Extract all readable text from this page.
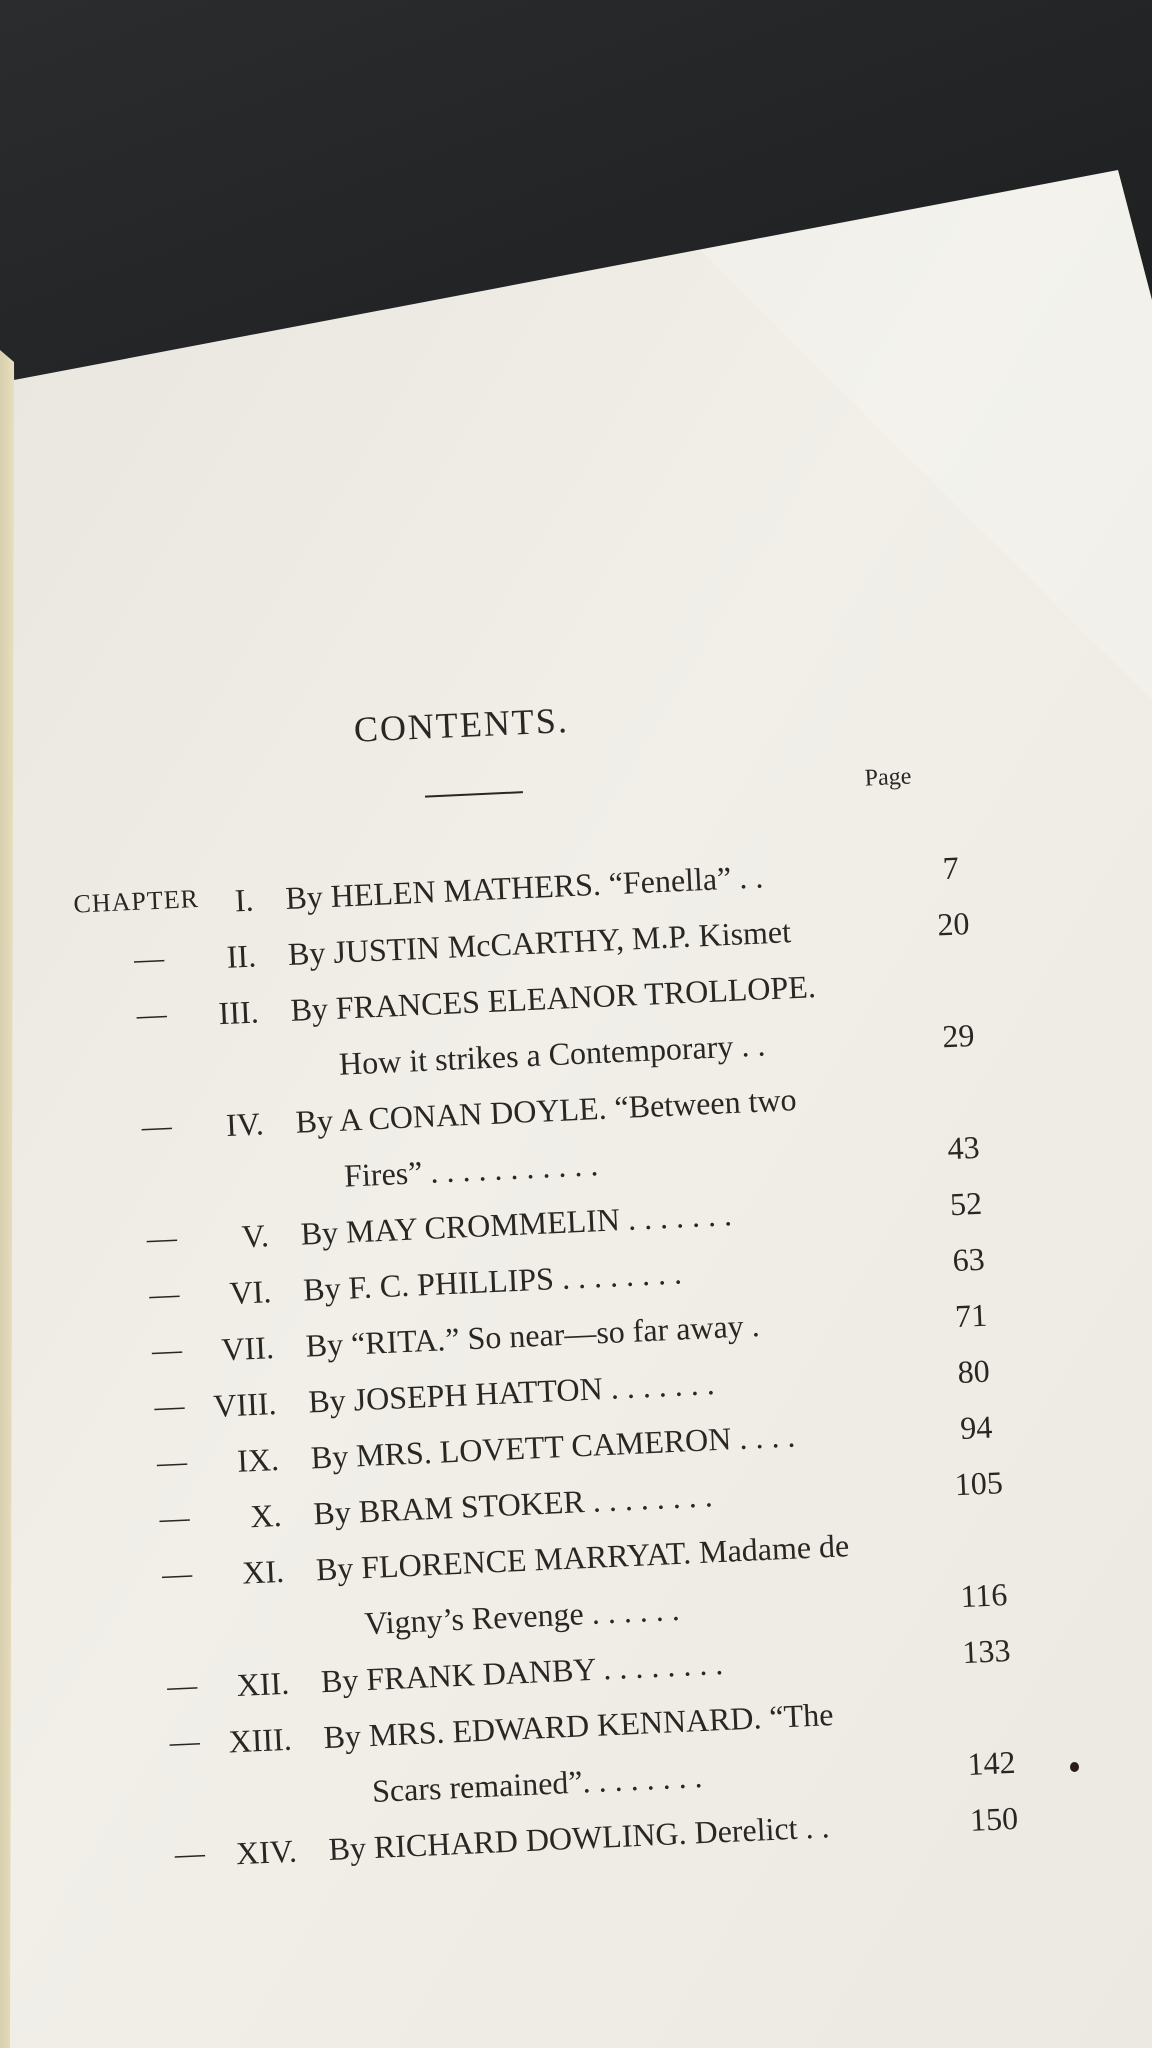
CONTENTS.
Page
CHAPTER I. By HELEN MATHERS. “Fenella” . .	7
— II. By JUSTIN McCARTHY, M.P. Kismet	20
— III. By FRANCES ELEANOR TROLLOPE.
How it strikes a Contemporary . .	29
— IV. By A CONAN DOYLE. “Between two
Fires” . . . . . . . . . . .	43
— V. By MAY CROMMELIN . . . . . . .	52
— VI. By F. C. PHILLIPS . . . . . . . .	63
— VII. By “RITA.” So near—so far away .	71
— VIII. By JOSEPH HATTON . . . . . . .	80
— IX. By MRS. LOVETT CAMERON . . . .	94
— X. By BRAM STOKER . . . . . . . .	105
— XI. By FLORENCE MARRYAT. Madame de
Vigny’s Revenge . . . . . .	116
— XII. By FRANK DANBY . . . . . . . .	133
— XIII. By MRS. EDWARD KENNARD. “The
Scars remained”. . . . . . . .	142
— XIV. By RICHARD DOWLING. Derelict . .	150
